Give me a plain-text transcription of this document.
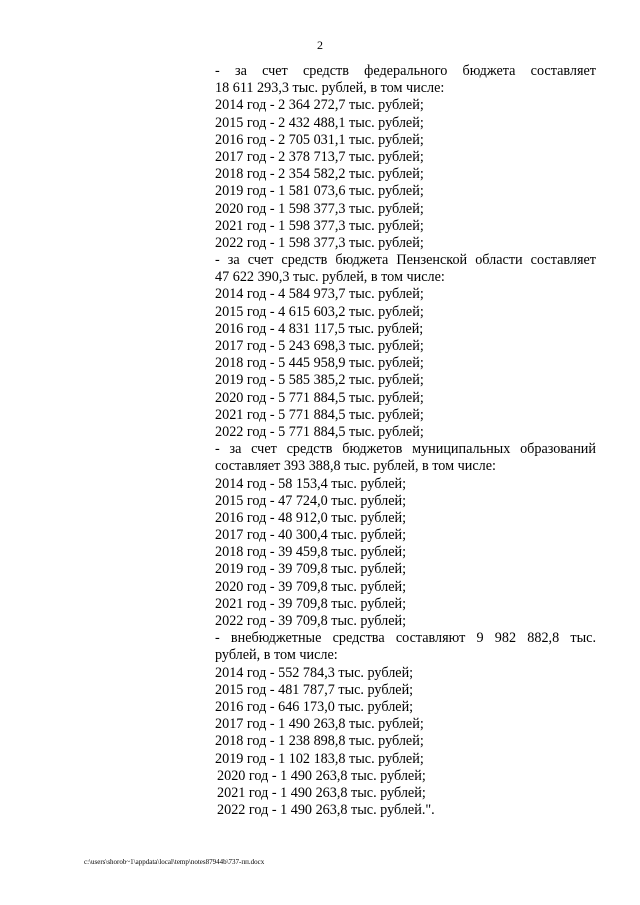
2
- за счет средств федерального бюджета составляет
18 611 293,3 тыс. рублей, в том числе:
2014 год - 2 364 272,7 тыс. рублей;
2015 год - 2 432 488,1 тыс. рублей;
2016 год - 2 705 031,1 тыс. рублей;
2017 год - 2 378 713,7 тыс. рублей;
2018 год - 2 354 582,2 тыс. рублей;
2019 год - 1 581 073,6 тыс. рублей;
2020 год - 1 598 377,3 тыс. рублей;
2021 год - 1 598 377,3 тыс. рублей;
2022 год - 1 598 377,3 тыс. рублей;
- за счет средств бюджета Пензенской области составляет
47 622 390,3 тыс. рублей, в том числе:
2014 год - 4 584 973,7 тыс. рублей;
2015 год - 4 615 603,2 тыс. рублей;
2016 год - 4 831 117,5 тыс. рублей;
2017 год - 5 243 698,3 тыс. рублей;
2018 год - 5 445 958,9 тыс. рублей;
2019 год - 5 585 385,2 тыс. рублей;
2020 год - 5 771 884,5 тыс. рублей;
2021 год - 5 771 884,5 тыс. рублей;
2022 год - 5 771 884,5 тыс. рублей;
- за счет средств бюджетов муниципальных образований
составляет 393 388,8 тыс. рублей, в том числе:
2014 год - 58 153,4 тыс. рублей;
2015 год - 47 724,0 тыс. рублей;
2016 год - 48 912,0 тыс. рублей;
2017 год - 40 300,4 тыс. рублей;
2018 год - 39 459,8 тыс. рублей;
2019 год - 39 709,8 тыс. рублей;
2020 год - 39 709,8 тыс. рублей;
2021 год - 39 709,8 тыс. рублей;
2022 год - 39 709,8 тыс. рублей;
- внебюджетные средства составляют 9 982 882,8 тыс.
рублей, в том числе:
2014 год - 552 784,3 тыс. рублей;
2015 год - 481 787,7 тыс. рублей;
2016 год - 646 173,0 тыс. рублей;
2017 год - 1 490 263,8 тыс. рублей;
2018 год - 1 238 898,8 тыс. рублей;
2019 год - 1 102 183,8 тыс. рублей;
2020 год - 1 490 263,8 тыс. рублей;
2021 год - 1 490 263,8 тыс. рублей;
2022 год - 1 490 263,8 тыс. рублей.".
c:\users\shorob~1\appdata\local\temp\notes87944b\737-пп.docx
